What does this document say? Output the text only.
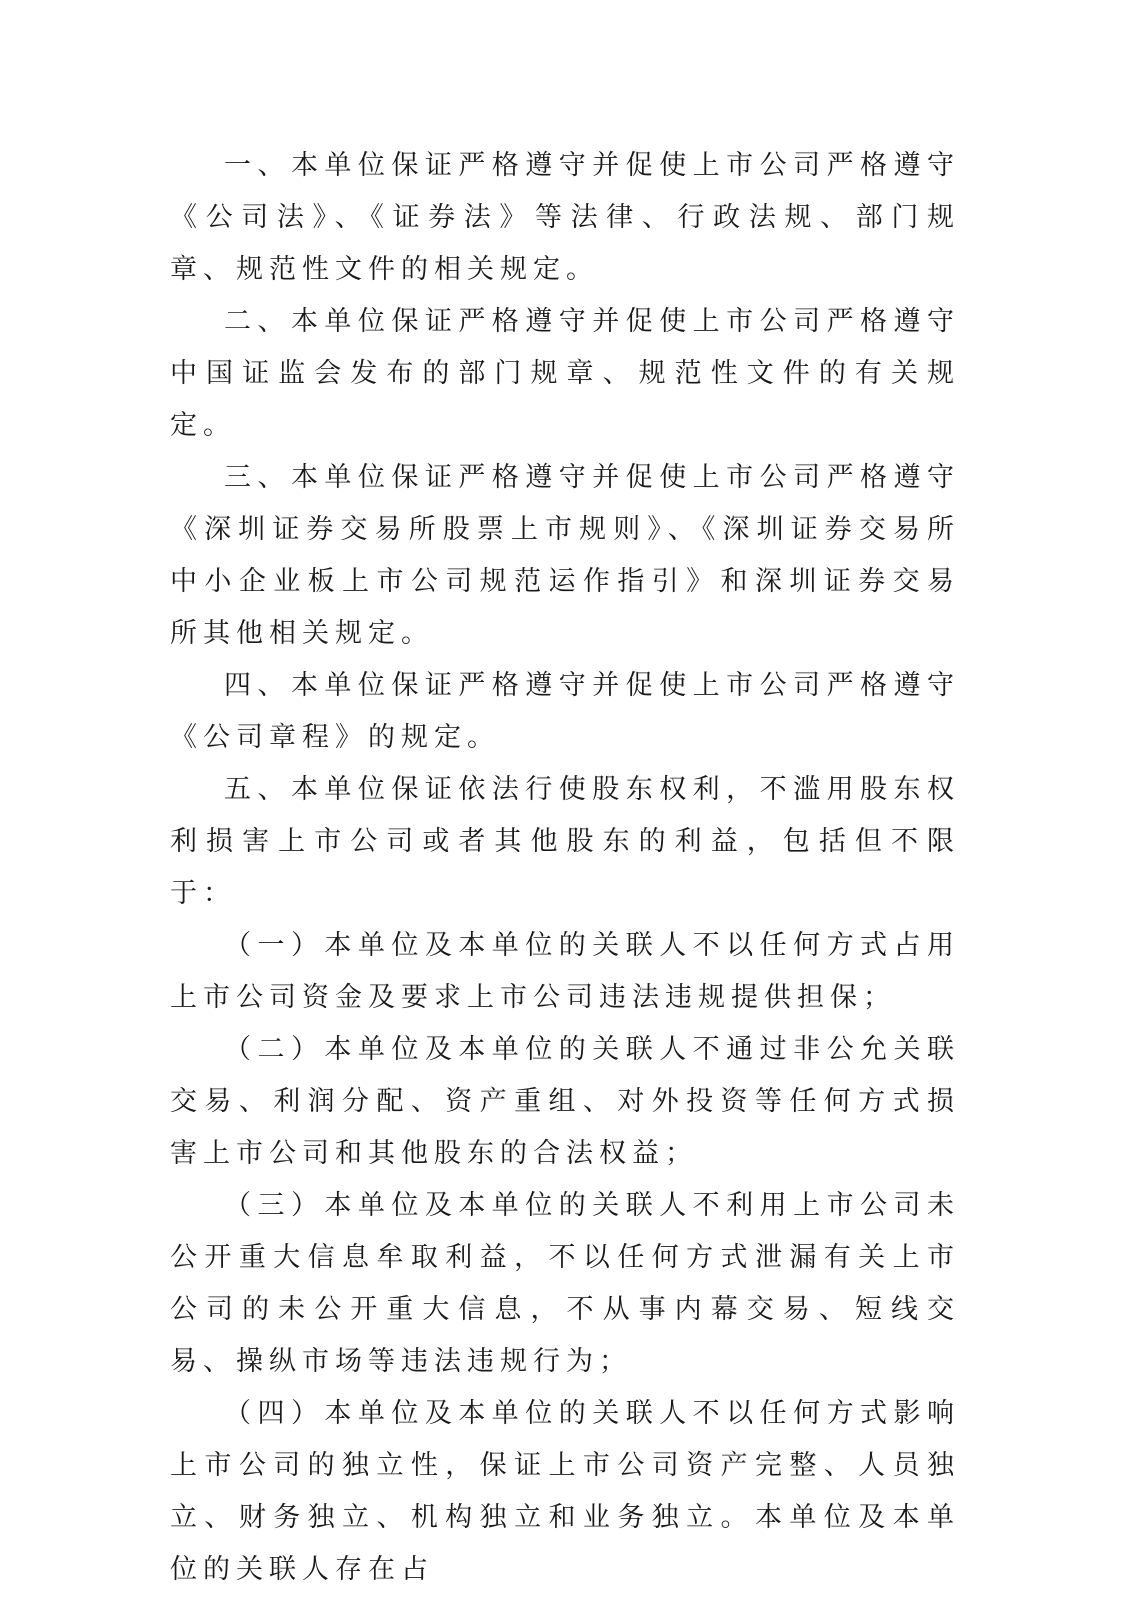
一、本单位保证严格遵守并促使上市公司严格遵守《公司法》、《证券法》等法律、行政法规、部门规章、规范性文件的相关规定。

二、本单位保证严格遵守并促使上市公司严格遵守中国证监会发布的部门规章、规范性文件的有关规定。

三、本单位保证严格遵守并促使上市公司严格遵守《深圳证券交易所股票上市规则》、《深圳证券交易所中小企业板上市公司规范运作指引》和深圳证券交易所其他相关规定。

四、本单位保证严格遵守并促使上市公司严格遵守《公司章程》的规定。

五、本单位保证依法行使股东权利，不滥用股东权利损害上市公司或者其他股东的利益，包括但不限于：

（一）本单位及本单位的关联人不以任何方式占用上市公司资金及要求上市公司违法违规提供担保；

（二）本单位及本单位的关联人不通过非公允关联交易、利润分配、资产重组、对外投资等任何方式损害上市公司和其他股东的合法权益；

（三）本单位及本单位的关联人不利用上市公司未公开重大信息牟取利益，不以任何方式泄漏有关上市公司的未公开重大信息，不从事内幕交易、短线交易、操纵市场等违法违规行为；

（四）本单位及本单位的关联人不以任何方式影响上市公司的独立性，保证上市公司资产完整、人员独立、财务独立、机构独立和业务独立。本单位及本单位的关联人存在占
